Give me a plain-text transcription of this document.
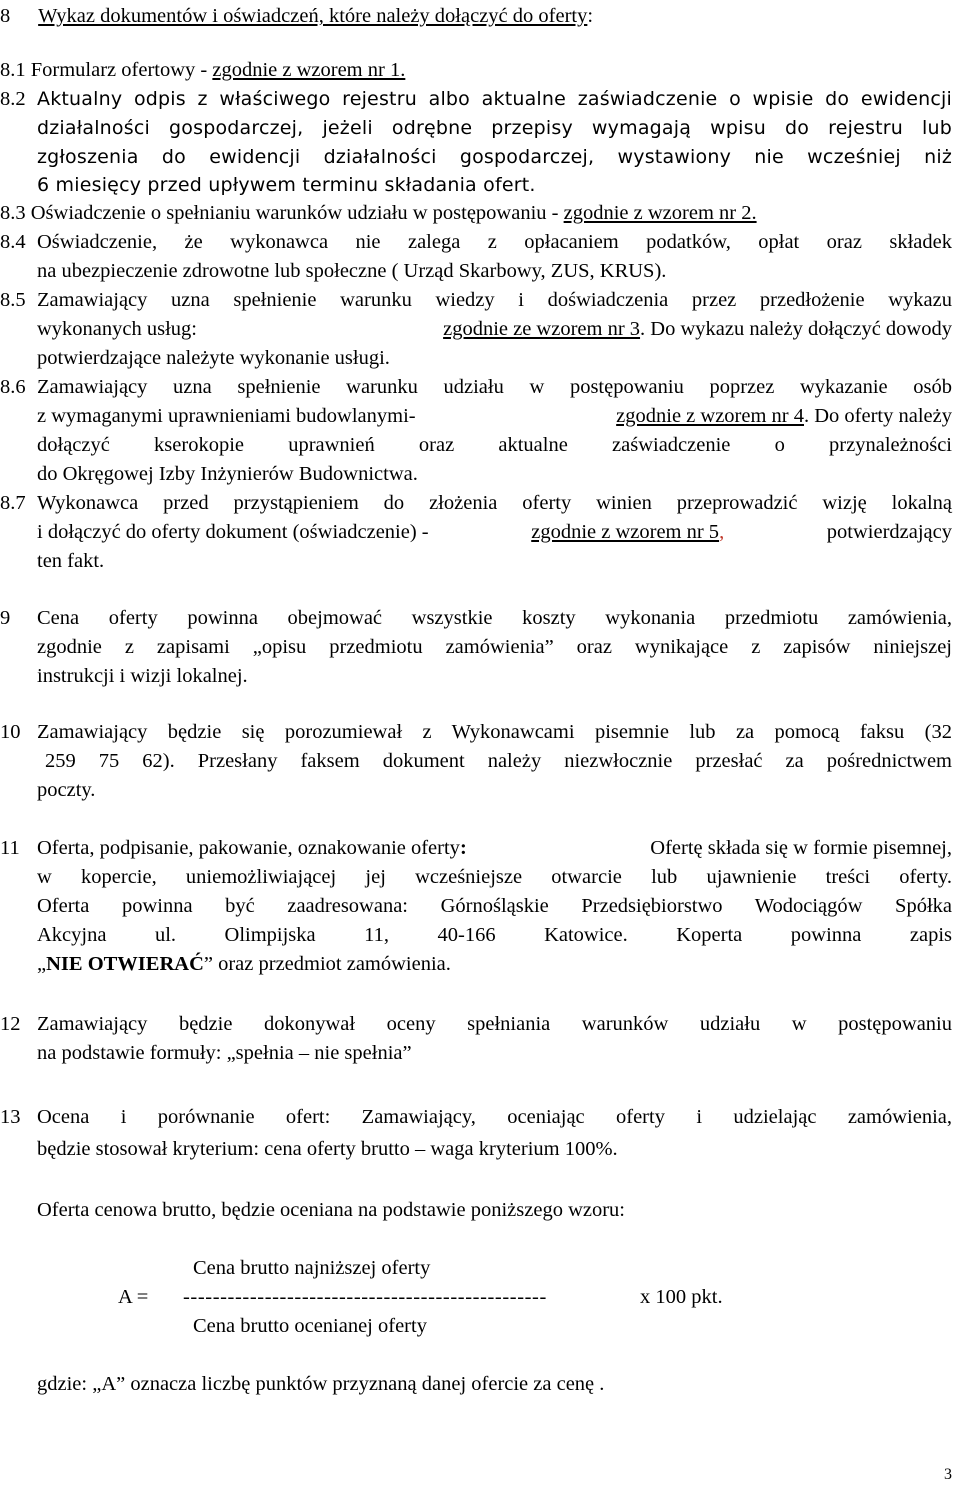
8 Wykaz dokumentów i oświadczeń, które należy dołączyć do oferty:
8.1 Formularz ofertowy - zgodnie z wzorem nr 1.
8.2 Aktualny odpis z właściwego rejestru albo aktualne zaświadczenie o wpisie do ewidencji
działalności gospodarczej, jeżeli odrębne przepisy wymagają wpisu do rejestru lub
zgłoszenia do ewidencji działalności gospodarczej, wystawiony nie wcześniej niż
6 miesięcy przed upływem terminu składania ofert.
8.3 Oświadczenie o spełnianiu warunków udziału w postępowaniu - zgodnie z wzorem nr 2.
8.4 Oświadczenie, że wykonawca nie zalega z opłacaniem podatków, opłat oraz składek
na ubezpieczenie zdrowotne lub społeczne ( Urząd Skarbowy, ZUS, KRUS).
8.5 Zamawiający uzna spełnienie warunku wiedzy i doświadczenia przez przedłożenie wykazu
wykonanych usług:	zgodnie ze wzorem nr 3. Do wykazu należy dołączyć dowody
potwierdzające należyte wykonanie usługi.
8.6 Zamawiający uzna spełnienie warunku udziału w postępowaniu poprzez wykazanie osób
z wymaganymi uprawnieniami budowlanymi-	zgodnie z wzorem nr 4. Do oferty należy
dołączyć kserokopie uprawnień oraz aktualne zaświadczenie o przynależności
do Okręgowej Izby Inżynierów Budownictwa.
8.7 Wykonawca przed przystąpieniem do złożenia oferty winien przeprowadzić wizję lokalną
i dołączyć do oferty dokument (oświadczenie) -	zgodnie z wzorem nr 5,	potwierdzający
ten fakt.
9 Cena oferty powinna obejmować wszystkie koszty wykonania przedmiotu zamówienia,
zgodnie z zapisami „opisu przedmiotu zamówienia” oraz wynikające z zapisów niniejszej
instrukcji i wizji lokalnej.
10 Zamawiający będzie się porozumiewał z Wykonawcami pisemnie lub za pomocą faksu (32
259 75 62). Przesłany faksem dokument należy niezwłocznie przesłać za pośrednictwem
poczty.
11 Oferta, podpisanie, pakowanie, oznakowanie oferty:	Ofertę składa się w formie pisemnej,
w kopercie, uniemożliwiającej jej wcześniejsze otwarcie lub ujawnienie treści oferty.
Oferta powinna być zaadresowana: Górnośląskie Przedsiębiorstwo Wodociągów Spółka
Akcyjna ul. Olimpijska 11, 40-166 Katowice. Koperta powinna zapis
„NIE OTWIERAĆ” oraz przedmiot zamówienia.
12 Zamawiający będzie dokonywał oceny spełniania warunków udziału w postępowaniu
na podstawie formuły: „spełnia – nie spełnia”
13 Ocena i porównanie ofert: Zamawiający, oceniając oferty i udzielając zamówienia,
będzie stosował kryterium: cena oferty brutto – waga kryterium 100%.
Oferta cenowa brutto, będzie oceniana na podstawie poniższego wzoru:
Cena brutto najniższej oferty
A = -------------------------------------------------	x 100 pkt.
Cena brutto ocenianej oferty
gdzie: „A” oznacza liczbę punktów przyznaną danej ofercie za cenę .
3
